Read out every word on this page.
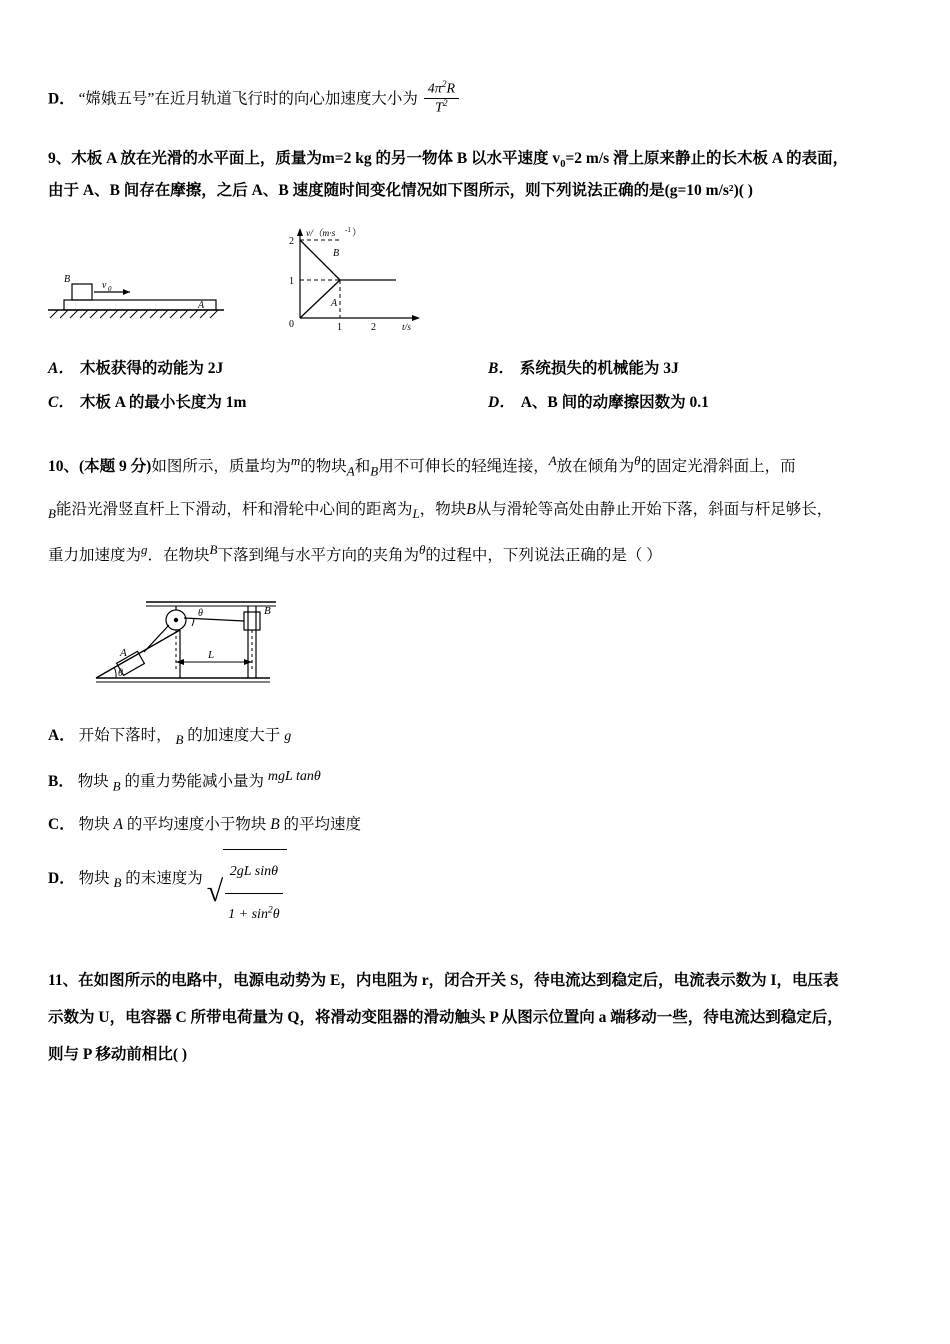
D． “嫦娥五号”在近月轨道飞行时的向心加速度大小为 $\frac{4\pi^2R}{T^2}$
9、木板 A 放在光滑的水平面上，质量为m=2 kg 的另一物体 B 以水平速度 $v_0=2$ m/s 滑上原来静止的长木板 A 的表面，
由于 A、B 间存在摩擦，之后 A、B 速度随时间变化情况如下图所示，则下列说法正确的是(g=10 m/s²)( )
A
B
v 0
v/（m·s -1 ）
t/s
2
1
0	1	2
B
A
A． 木板获得的动能为 2J	B． 系统损失的机械能为 3J
C． 木板 A 的最小长度为 1m	D． A、B 间的动摩擦因数为 0.1
10、(本题 9 分)如图所示，质量均为$^m$的物块$_A$和$_B$用不可伸长的轻绳连接，$^A$放在倾角为$^\theta$的固定光滑斜面上，而
$_B$能沿光滑竖直杆上下滑动，杆和滑轮中心间的距离为$_L$，物块B从与滑轮等高处由静止开始下落，斜面与杆足够长，
重力加速度为$^g$．在物块$^B$下落到绳与水平方向的夹角为$^\theta$的过程中，下列说法正确的是（ ）
B
θ
θ
A	L
A． 开始下落时， $_B$ 的加速度大于 g
B． 物块 $_B$ 的重力势能减小量为 mgL tanθ
C． 物块 A 的平均速度小于物块 B 的平均速度
D． 物块 $_B$ 的末速度为 √ $\frac{\text{2gL sinθ}}{1 + \sin^2\theta}$
11、在如图所示的电路中，电源电动势为 E，内电阻为 r，闭合开关 S，待电流达到稳定后，电流表示数为 I，电压表
示数为 U，电容器 C 所带电荷量为 Q，将滑动变阻器的滑动触头 P 从图示位置向 a 端移动一些，待电流达到稳定后，
则与 P 移动前相比( )
